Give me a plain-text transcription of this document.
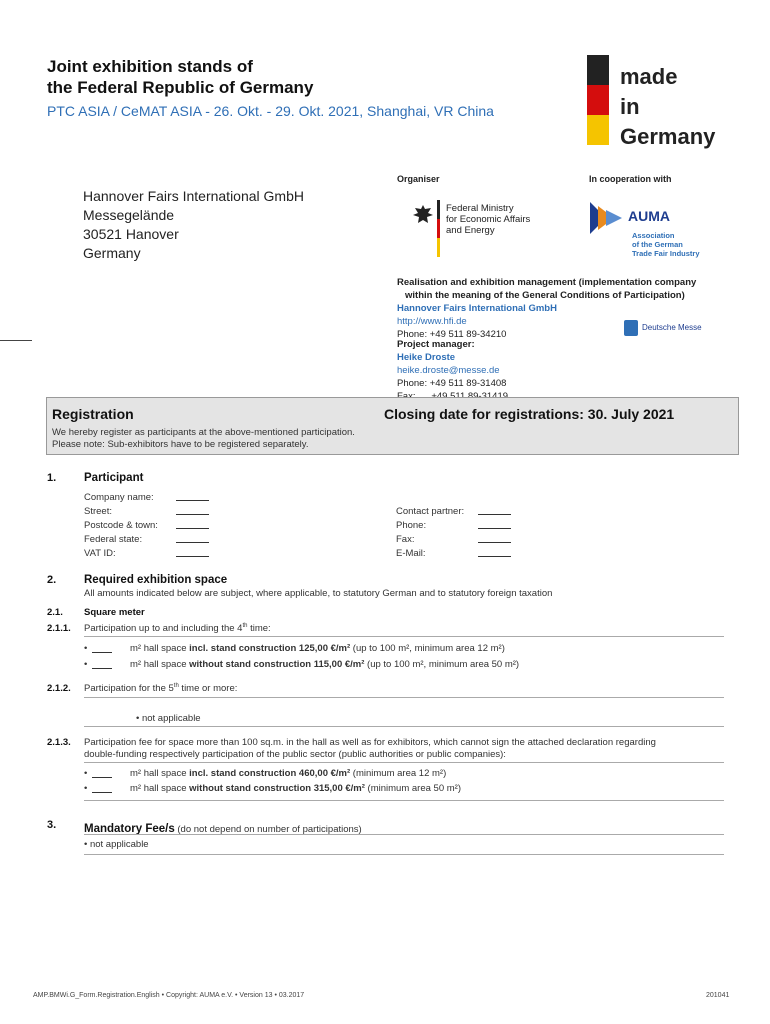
Joint exhibition stands of
the Federal Republic of Germany
PTC ASIA / CeMAT ASIA - 26. Okt. - 29. Okt. 2021, Shanghai, VR China
made
in
Germany
Organiser	In cooperation with
Federal Ministry
for Economic Affairs
and Energy
AUMA
Association
of the German
Trade Fair Industry
Hannover Fairs International GmbH
Messegelände
30521 Hanover
Germany
Realisation and exhibition management (implementation company
within the meaning of the General Conditions of Participation)
Hannover Fairs International GmbH
http://www.hfi.de
Phone: +49 511 89-34210
Deutsche Messe
Project manager:
Heike Droste
heike.droste@messe.de
Phone: +49 511 89-31408

Registration	Closing date for registrations: 30. July 2021
We hereby register as participants at the above-mentioned participation.
Please note: Sub-exhibitors have to be registered separately.
1. Participant
Company name:
Street:
Postcode & town:
Federal state:
VAT ID:
Contact partner:
Phone:
Fax:
E-Mail:
2. Required exhibition space
All amounts indicated below are subject, where applicable, to statutory German and to statutory foreign taxation
2.1. Square meter
2.1.1. Participation up to and including the 4th time:
•	m² hall space incl. stand construction 125,00 €/m² (up to 100 m², minimum area 12 m²)
•	m² hall space without stand construction 115,00 €/m² (up to 100 m², minimum area 50 m²)
2.1.2. Participation for the 5th time or more:
• not applicable
2.1.3. Participation fee for space more than 100 sq.m. in the hall as well as for exhibitors, which cannot sign the attached declaration regarding
double-funding respectively participation of the public sector (public authorities or public companies):
•	m² hall space incl. stand construction 460,00 €/m² (minimum area 12 m²)
•	m² hall space without stand construction 315,00 €/m² (minimum area 50 m²)
3. Mandatory Fee/s (do not depend on number of participations)
• not applicable
AMP.BMWi.G_Form.Registration.English • Copyright: AUMA e.V. • Version 13 • 03.2017	201041
